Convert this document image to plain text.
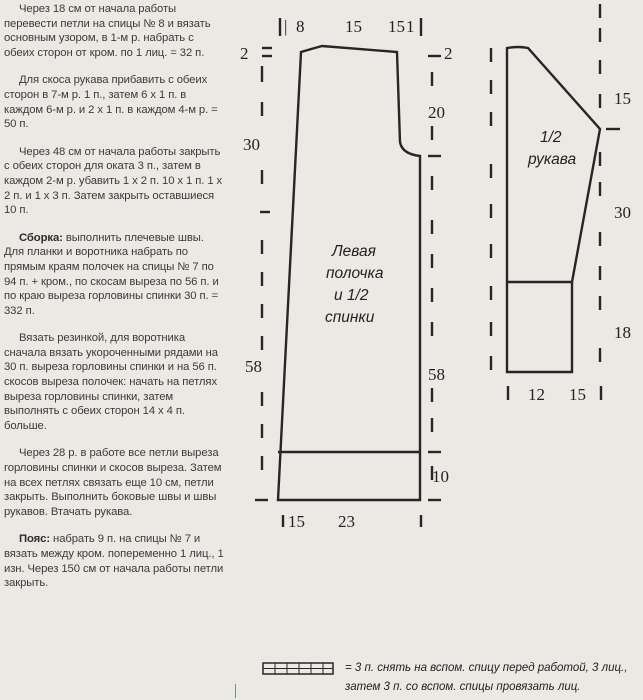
Через 18 см от начала работы перевести петли на спицы № 8 и вязать основным узором, в 1-м р. набрать с обеих сторон от кром. по 1 лиц. = 32 п.

Для скоса рукава прибавить с обеих сторон в 7-м р. 1 п., затем 6 х 1 п. в каждом 6-м р. и 2 х 1 п. в каждом 4-м р. = 50 п.

Через 48 см от начала работы закрыть с обеих сторон для оката 3 п., затем в каждом 2-м р. убавить 1 х 2 п. 10 х 1 п. 1 х 2 п. и 1 х 3 п. Затем закрыть оставшиеся 10 п.

Сборка: выполнить плечевые швы. Для планки и воротника набрать по прямым краям полочек на спицы № 7 по 94 п. + кром., по скосам выреза по 56 п. и по краю выреза горловины спинки 30 п. = 332 п.

Вязать резинкой, для воротника сначала вязать укороченными рядами на 30 п. выреза горловины спинки и на 56 п. скосов выреза полочек: начать на петлях выреза горловины спинки, затем выполнять с обеих сторон 14 х 4 п. больше.

Через 28 р. в работе все петли выреза горловины спинки и скосов выреза. Затем на всех петлях связать еще 10 см, петли закрыть. Выполнить боковые швы и швы рукавов. Втачать рукава.

Пояс: набрать 9 п. на спицы № 7 и вязать между кром. попеременно 1 лиц., 1 изн. Через 150 см от начала работы петли закрыть.

| 8 15 15 1
2	2
30
20
58	58
10
15 23
Левая
полочка
и 1/2
спинки
1/2
рукава
15
30
18
12 15
= 3 п. снять на вспом. спицу перед работой, 3 лиц.,
затем 3 п. со вспом. спицы провязать лиц.
